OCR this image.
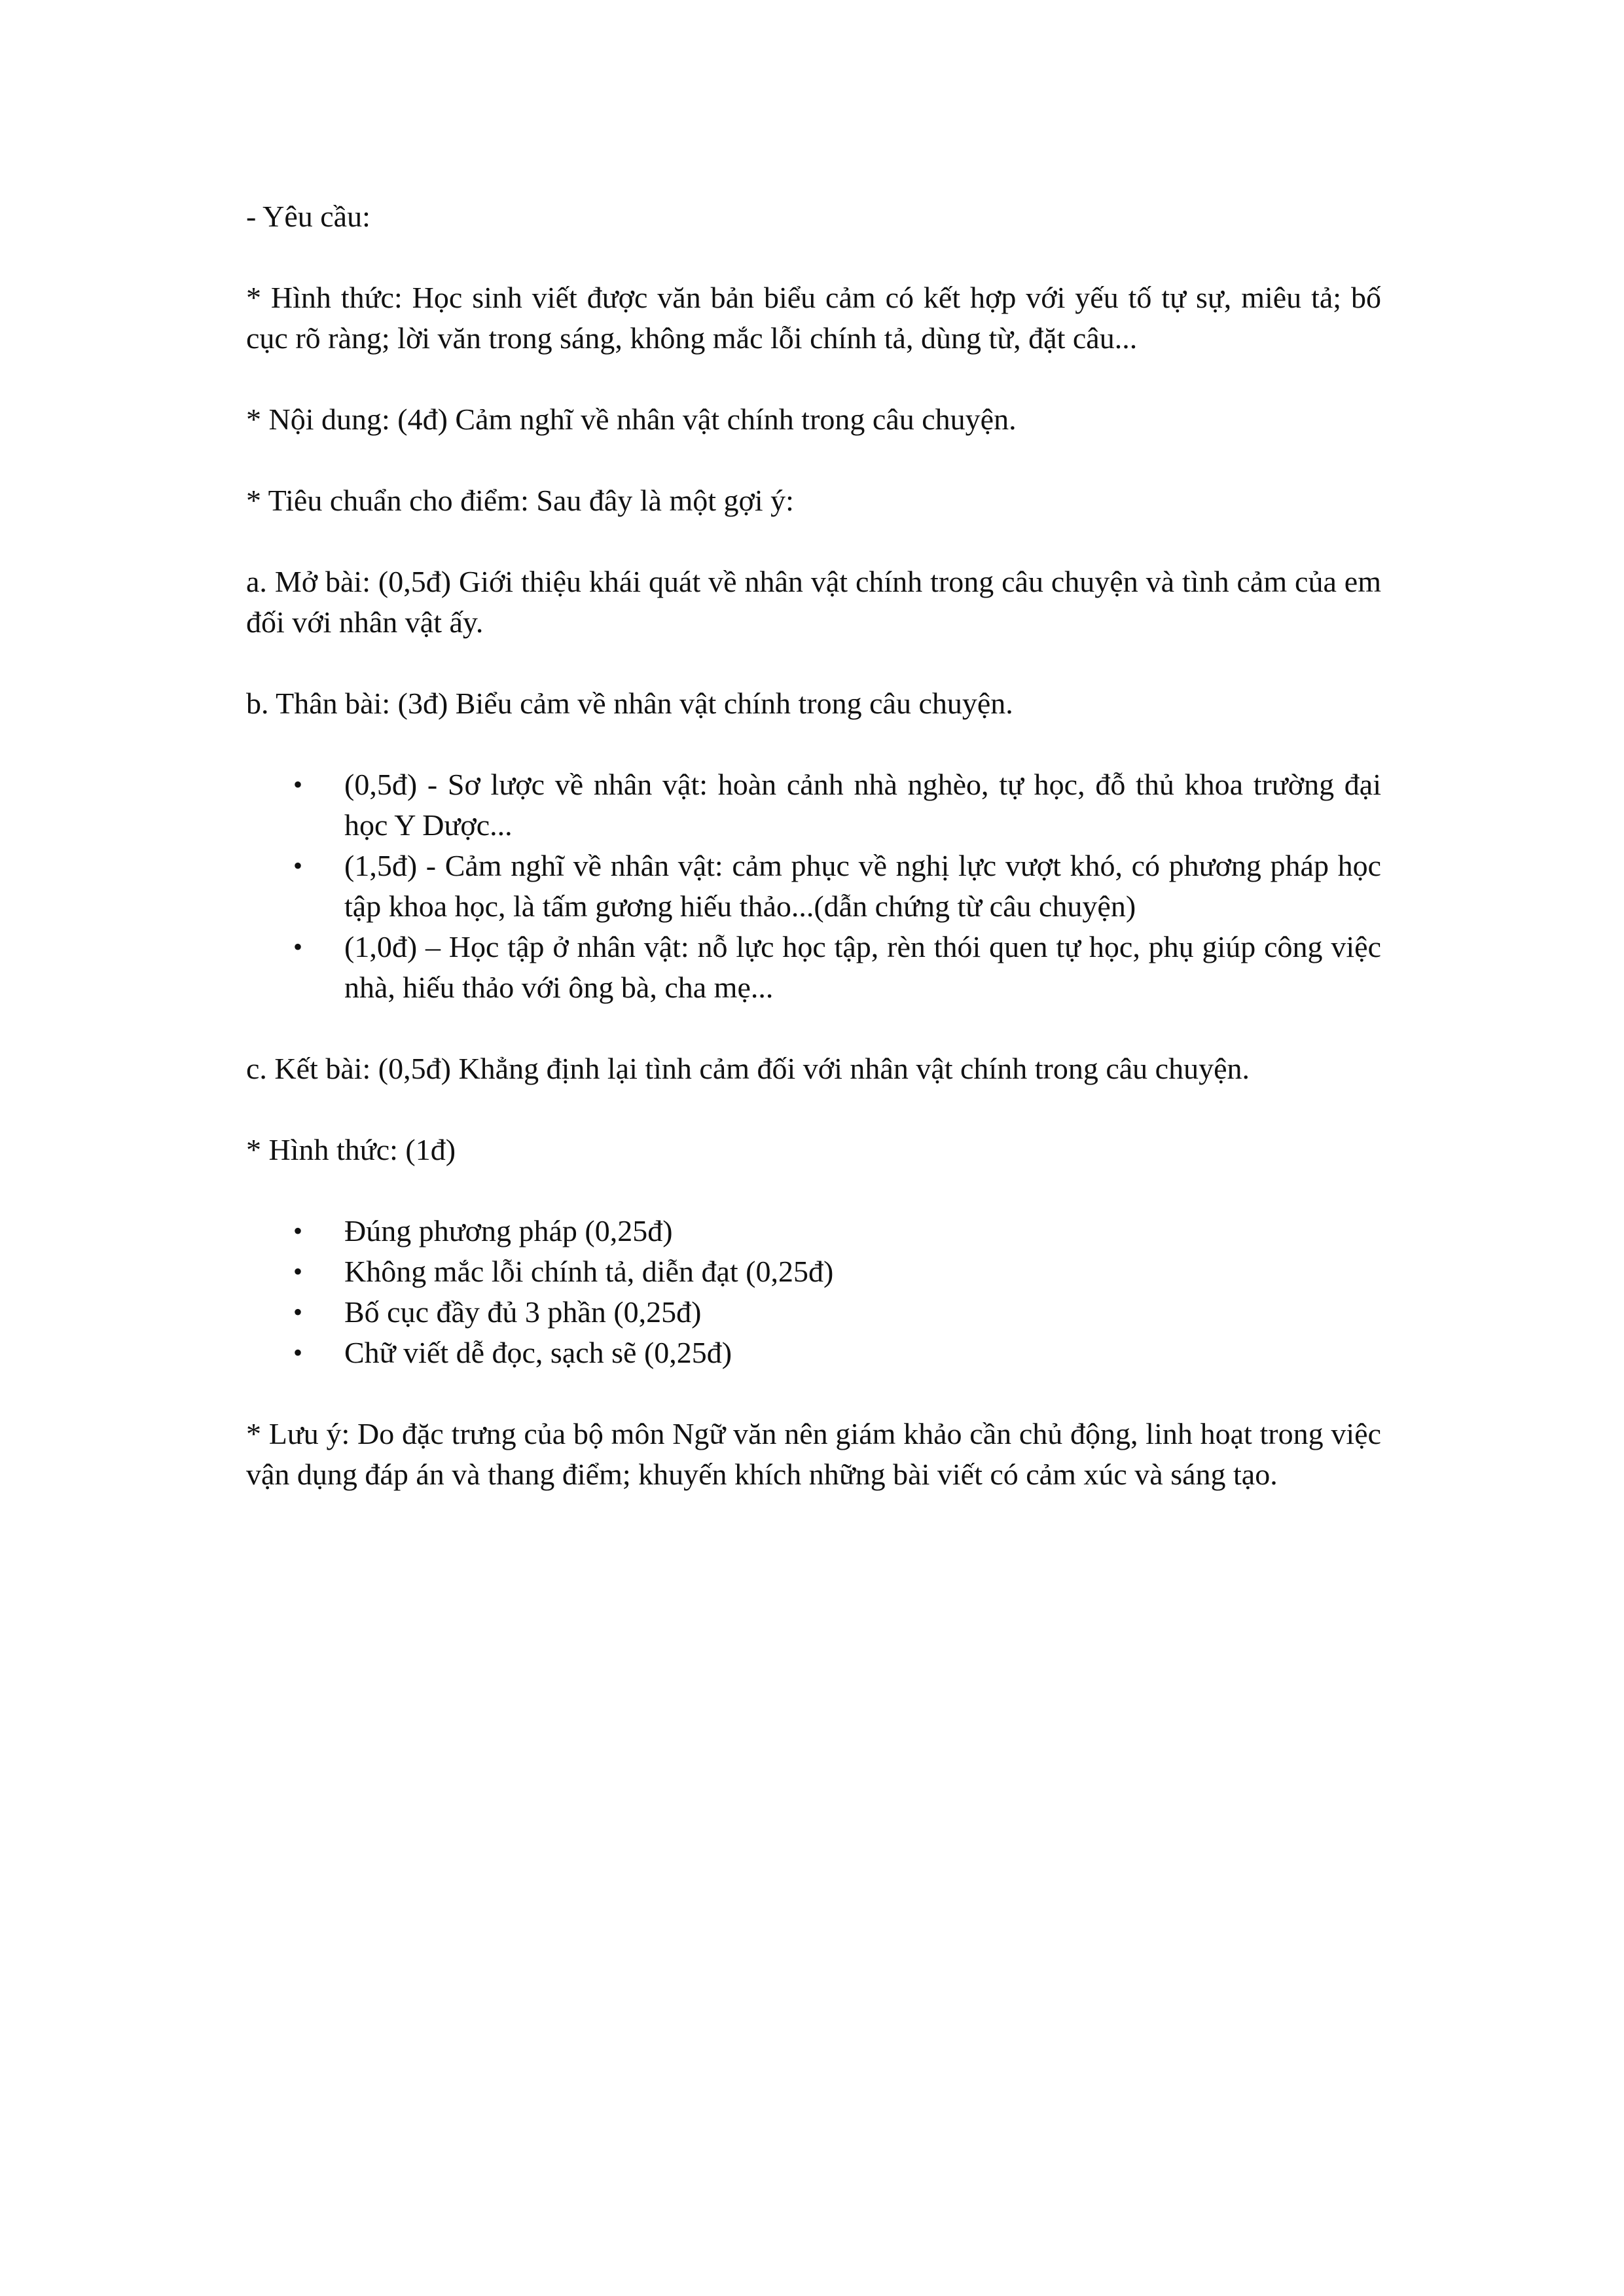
- Yêu cầu:

* Hình thức: Học sinh viết được văn bản biểu cảm có kết hợp với yếu tố tự sự, miêu tả; bố cục rõ ràng; lời văn trong sáng, không mắc lỗi chính tả, dùng từ, đặt câu...

* Nội dung: (4đ) Cảm nghĩ về nhân vật chính trong câu chuyện.

* Tiêu chuẩn cho điểm: Sau đây là một gợi ý:

a. Mở bài: (0,5đ) Giới thiệu khái quát về nhân vật chính trong câu chuyện và tình cảm của em đối với nhân vật ấy.

b. Thân bài: (3đ) Biểu cảm về nhân vật chính trong câu chuyện.

• (0,5đ) - Sơ lược về nhân vật: hoàn cảnh nhà nghèo, tự học, đỗ thủ khoa trường đại học Y Dược...
• (1,5đ) - Cảm nghĩ về nhân vật: cảm phục về nghị lực vượt khó, có phương pháp học tập khoa học, là tấm gương hiếu thảo...(dẫn chứng từ câu chuyện)
• (1,0đ) – Học tập ở nhân vật: nỗ lực học tập, rèn thói quen tự học, phụ giúp công việc nhà, hiếu thảo với ông bà, cha mẹ...

c. Kết bài: (0,5đ) Khẳng định lại tình cảm đối với nhân vật chính trong câu chuyện.

* Hình thức: (1đ)

• Đúng phương pháp (0,25đ)
• Không mắc lỗi chính tả, diễn đạt (0,25đ)
• Bố cục đầy đủ 3 phần (0,25đ)
• Chữ viết dễ đọc, sạch sẽ (0,25đ)

* Lưu ý: Do đặc trưng của bộ môn Ngữ văn nên giám khảo cần chủ động, linh hoạt trong việc vận dụng đáp án và thang điểm; khuyến khích những bài viết có cảm xúc và sáng tạo.
